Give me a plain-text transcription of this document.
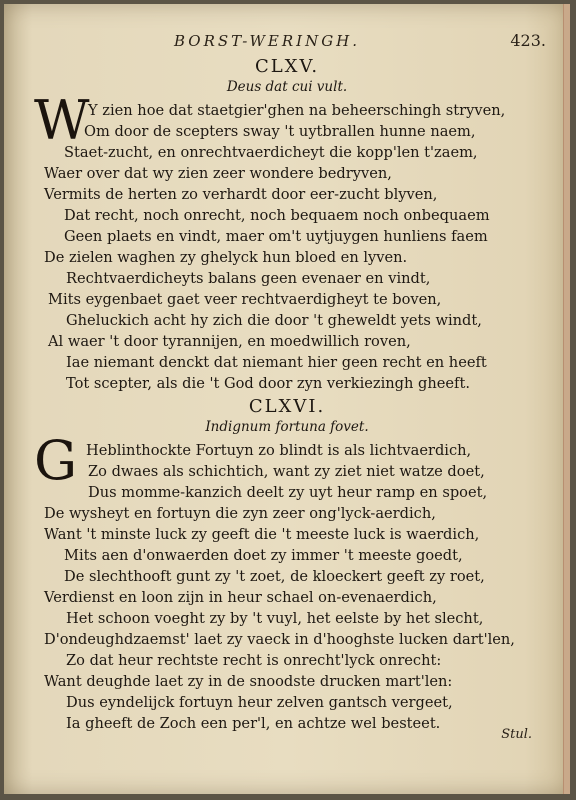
BORST-WERINGH.	423.
CLXV.
Deus dat cui vult.
W
Y zien hoe dat staetgier'ghen na beheerschingh stryven,
Om door de scepters sway 't uytbrallen hunne naem,
Staet-zucht, en onrechtvaerdicheyt die kopp'len t'zaem,
Waer over dat wy zien zeer wondere bedryven,
Vermits de herten zo verhardt door eer-zucht blyven,
Dat recht, noch onrecht, noch bequaem noch onbequaem
Geen plaets en vindt, maer om't uytjuygen hunliens faem
De zielen waghen zy ghelyck hun bloed en lyven.
Rechtvaerdicheyts balans geen evenaer en vindt,
Mits eygenbaet gaet veer rechtvaerdigheyt te boven,
Gheluckich acht hy zich die door 't gheweldt yets windt,
Al waer 't door tyrannijen, en moedwillich roven,
Iae niemant denckt dat niemant hier geen recht en heeft
Tot scepter, als die 't God door zyn verkiezingh gheeft.
CLXVI.
Indignum fortuna fovet.
G Heblinthockte Fortuyn zo blindt is als lichtvaerdich,
Zo dwaes als schichtich, want zy ziet niet watze doet,
Dus momme-kanzich deelt zy uyt heur ramp en spoet,
De wysheyt en fortuyn die zyn zeer ong'lyck-aerdich,
Want 't minste luck zy geeft die 't meeste luck is waerdich,
Mits aen d'onwaerden doet zy immer 't meeste goedt,
De slechthooft gunt zy 't zoet, de kloeckert geeft zy roet,
Verdienst en loon zijn in heur schael on-evenaerdich,
Het schoon voeght zy by 't vuyl, het eelste by het slecht,
D'ondeughdzaemst' laet zy vaeck in d'hooghste lucken dart'len,
Zo dat heur rechtste recht is onrecht'lyck onrecht:
Want deughde laet zy in de snoodste drucken mart'len:
Dus eyndelijck fortuyn heur zelven gantsch vergeet,
Ia gheeft de Zoch een per'l, en achtze wel besteet.
Stul.
